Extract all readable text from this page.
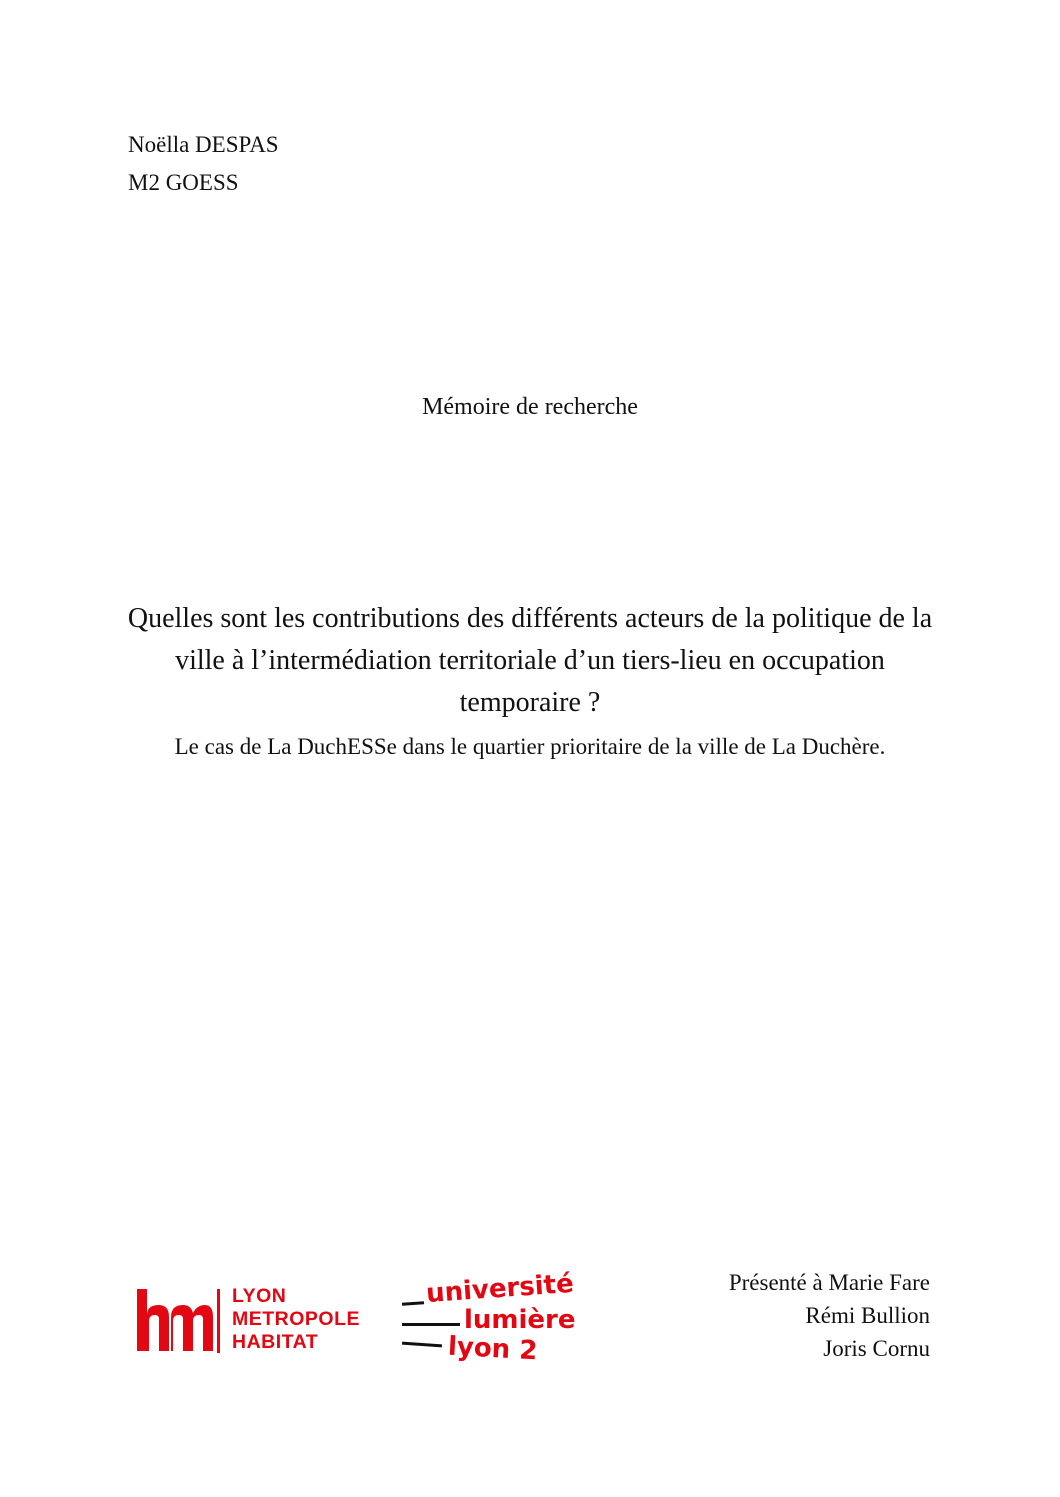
Noëlla DESPAS
M2 GOESS
Mémoire de recherche
Quelles sont les contributions des différents acteurs de la politique de la ville à l’intermédiation territoriale d’un tiers-lieu en occupation temporaire ?
Le cas de La DuchESSe dans le quartier prioritaire de la ville de La Duchère.
LYON
METROPOLE
HABITAT
université
lumière
lyon 2
Présenté à Marie Fare
Rémi Bullion
Joris Cornu
